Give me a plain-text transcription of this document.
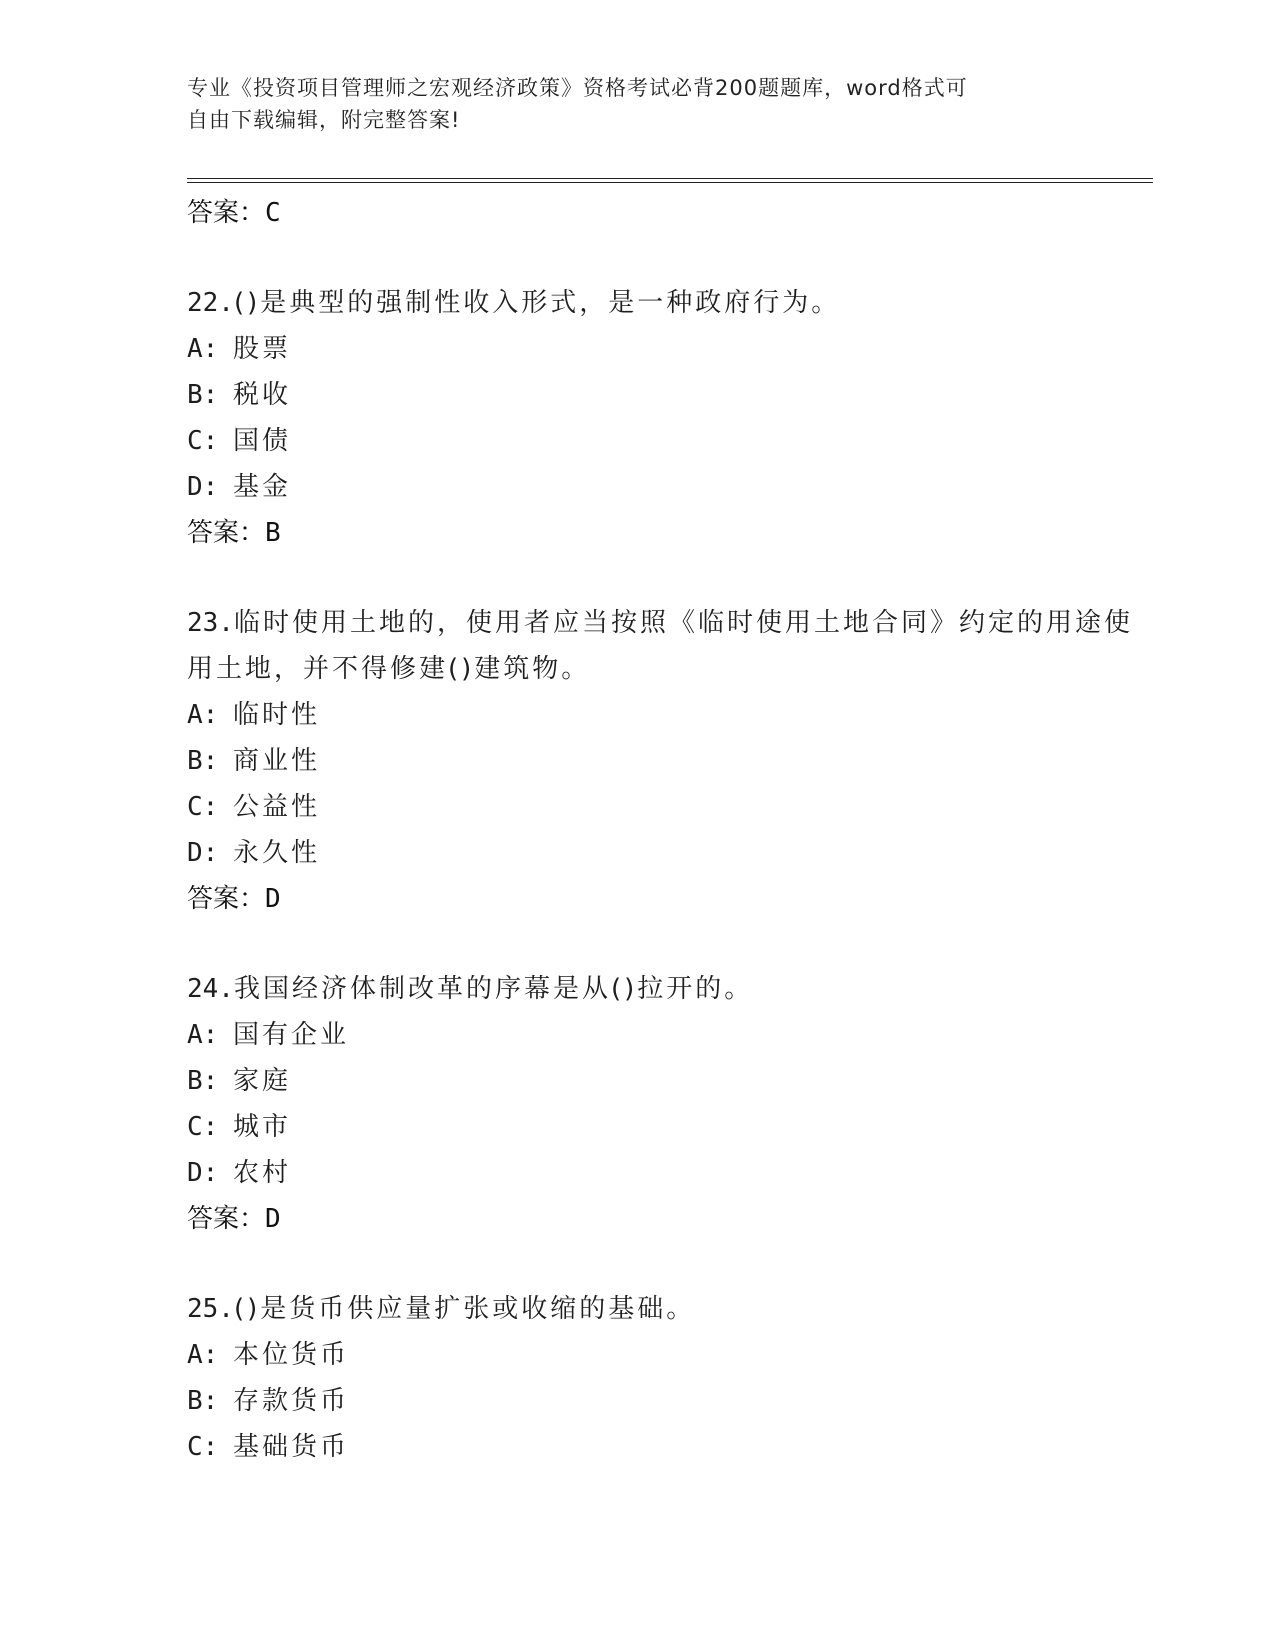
专业《投资项目管理师之宏观经济政策》资格考试必背200题题库，word格式可
自由下载编辑，附完整答案!
答案：C
22.()是典型的强制性收入形式，是一种政府行为。
A: 股票
B: 税收
C: 国债
D: 基金
答案：B
23.临时使用土地的，使用者应当按照《临时使用土地合同》约定的用途使用土地，并不得修建()建筑物。
A: 临时性
B: 商业性
C: 公益性
D: 永久性
答案：D
24.我国经济体制改革的序幕是从()拉开的。
A: 国有企业
B: 家庭
C: 城市
D: 农村
答案：D
25.()是货币供应量扩张或收缩的基础。
A: 本位货币
B: 存款货币
C: 基础货币
